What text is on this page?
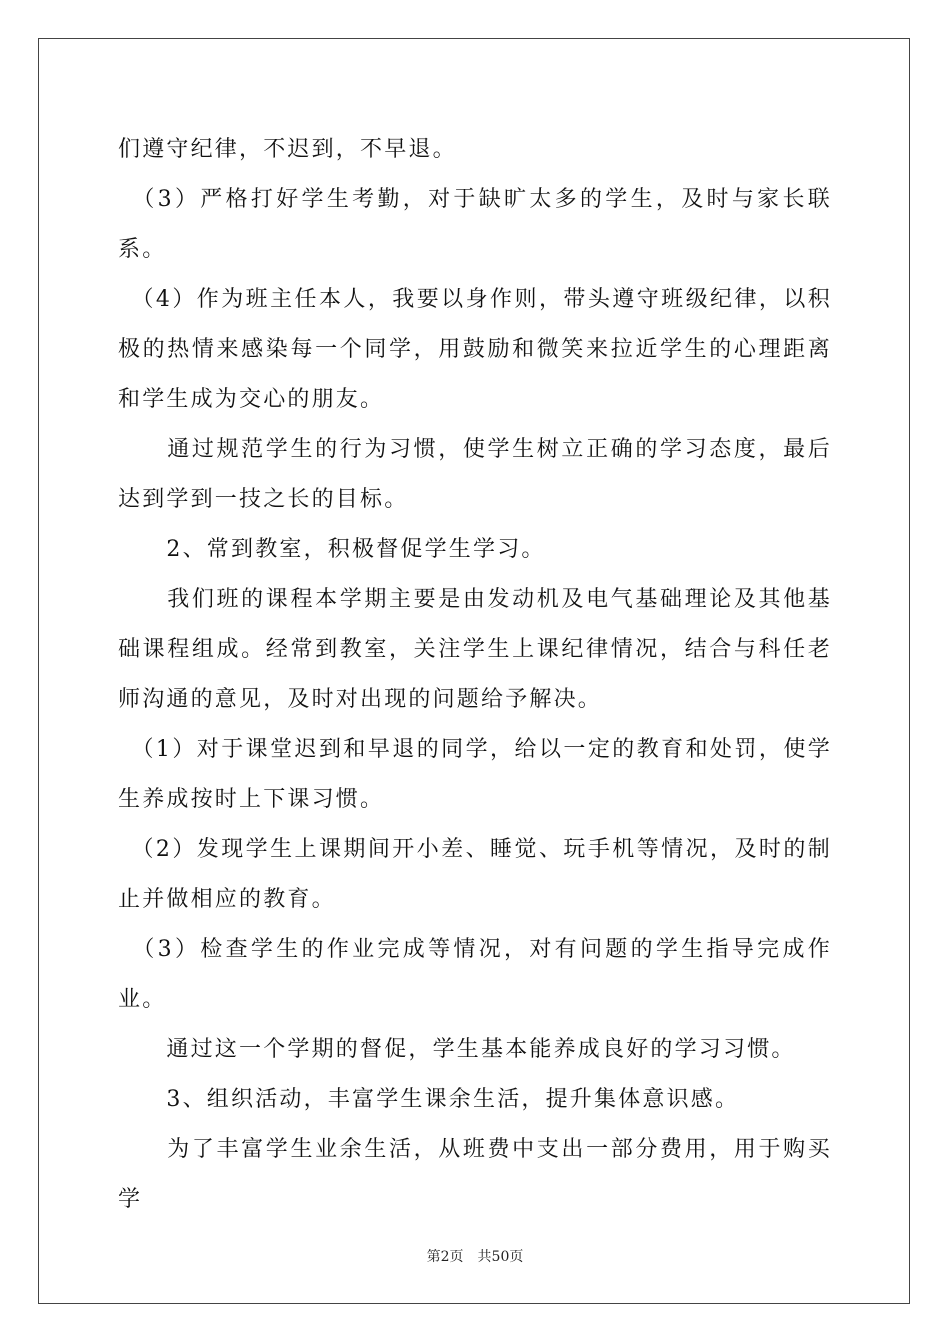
们遵守纪律，不迟到，不早退。

　（3）严格打好学生考勤，对于缺旷太多的学生，及时与家长联系。

　（4）作为班主任本人，我要以身作则，带头遵守班级纪律，以积极的热情来感染每一个同学，用鼓励和微笑来拉近学生的心理距离和学生成为交心的朋友。

　　通过规范学生的行为习惯，使学生树立正确的学习态度，最后达到学到一技之长的目标。

　　2、常到教室，积极督促学生学习。

　　我们班的课程本学期主要是由发动机及电气基础理论及其他基础课程组成。经常到教室，关注学生上课纪律情况，结合与科任老师沟通的意见，及时对出现的问题给予解决。

　（1）对于课堂迟到和早退的同学，给以一定的教育和处罚，使学生养成按时上下课习惯。

　（2）发现学生上课期间开小差、睡觉、玩手机等情况，及时的制止并做相应的教育。

　（3）检查学生的作业完成等情况，对有问题的学生指导完成作业。

　　通过这一个学期的督促，学生基本能养成良好的学习习惯。

　　3、组织活动，丰富学生课余生活，提升集体意识感。

　　为了丰富学生业余生活，从班费中支出一部分费用，用于购买学

第2页　共50页
